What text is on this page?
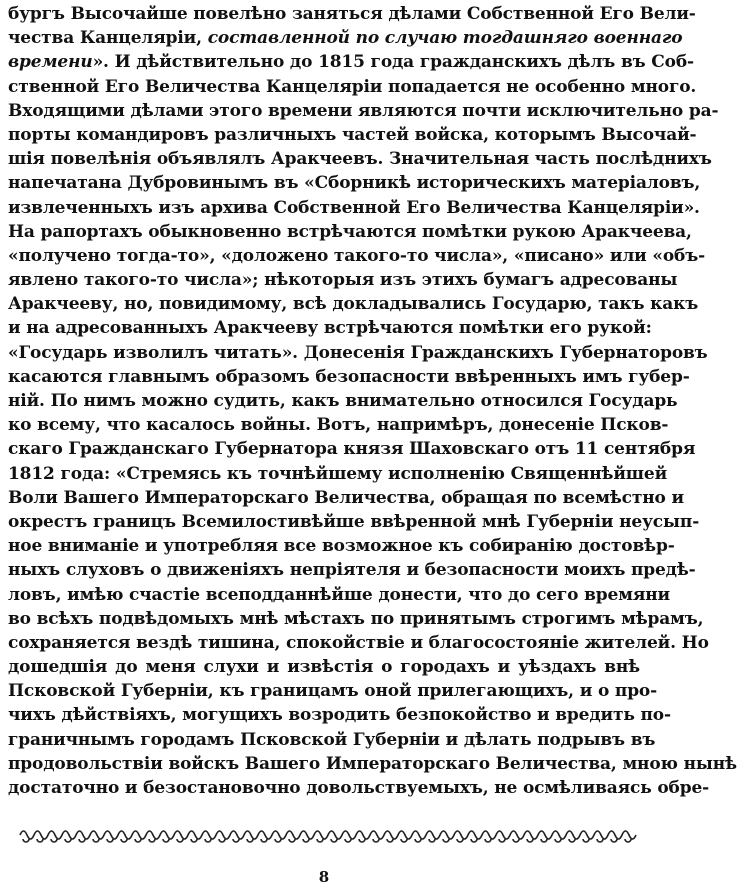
бургъ Высочайше повелѣно заняться дѣлами Собственной Его Вели-
чества Канцеляріи, составленной по случаю тогдашняго военнаго
времени». И дѣйствительно до 1815 года гражданскихъ дѣлъ въ Соб-
ственной Его Величества Канцеляріи попадается не особенно много.
Входящими дѣлами этого времени являются почти исключительно ра-
порты командировъ различныхъ частей войска, которымъ Высочай-
шія повелѣнія объявлялъ Аракчеевъ. Значительная часть послѣднихъ
напечатана Дубровинымъ въ «Сборникѣ историческихъ матеріаловъ,
извлеченныхъ изъ архива Собственной Его Величества Канцеляріи».
На рапортахъ обыкновенно встрѣчаются помѣтки рукою Аракчеева,
«получено тогда-то», «доложено такого-то числа», «писано» или «объ-
явлено такого-то числа»; нѣкоторыя изъ этихъ бумагъ адресованы
Аракчееву, но, повидимому, всѣ докладывались Государю, такъ какъ
и на адресованныхъ Аракчееву встрѣчаются помѣтки его рукой:
«Государь изволилъ читать». Донесенія Гражданскихъ Губернаторовъ
касаются главнымъ образомъ безопасности ввѣренныхъ имъ губер-
ній. По нимъ можно судить, какъ внимательно относился Государь
ко всему, что касалось войны. Вотъ, напримѣръ, донесеніе Псков-
скаго Гражданскаго Губернатора князя Шаховскаго отъ 11 сентября
1812 года: «Стремясь къ точнѣйшему исполненію Священнѣйшей
Воли Вашего Императорскаго Величества, обращая по всемѣстно и
окрестъ границъ Всемилостивѣйше ввѣренной мнѣ Губерніи неусып-
ное вниманіе и употребляя все возможное къ собиранію достовѣр-
ныхъ слуховъ о движеніяхъ непріятеля и безопасности моихъ предѣ-
ловъ, имѣю счастіе всеподданнѣйше донести, что до сего времяни
во всѣхъ подвѣдомыхъ мнѣ мѣстахъ по принятымъ строгимъ мѣрамъ,
сохраняется вездѣ тишина, спокойствіе и благосостояніе жителей. Но
дошедшія до меня слухи и извѣстія о городахъ и уѣздахъ внѣ
Псковской Губерніи, къ границамъ оной прилегающихъ, и о про-
чихъ дѣйствіяхъ, могущихъ возродить безпокойство и вредить по-
граничнымъ городамъ Псковской Губерніи и дѣлать подрывъ въ
продовольствіи войскъ Вашего Императорскаго Величества, мною нынѣ
достаточно и безостановочно довольствуемыхъ, не осмѣливаясь обре-
8
